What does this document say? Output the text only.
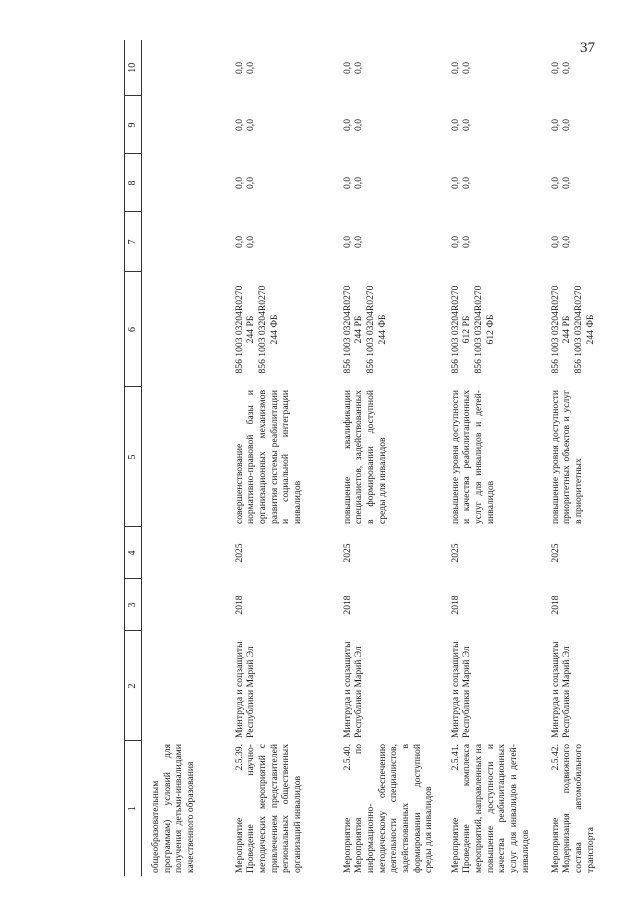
37
1	2	3	4	5	6	7	8	9	10
общеобразовательным программам) условий для получения детьми-инвалидами качественного образования									
Мероприятие 2.5.39. Проведение научно-методических мероприятий с привлечением представителей региональных общественных организаций инвалидов	Минтруда и соцзащиты Республики Марий Эл	2018	2025	совершенствование нормативно-правовой базы и организационных механизмов развития системы реабилитации и социальной интеграции инвалидов	856 1003 03204R0270 244 РБ 856 1003 03204R0270 244 ФБ	0,0 0,0	0,0 0,0	0,0 0,0	0,0 0,0

Мероприятие 2.5.40. Мероприятия по информационно-методическому обеспечению деятельности специалистов, задействованных в формировании доступной среды для инвалидов	Минтруда и соцзащиты Республики Марий Эл	2018	2025	повышение квалификации специалистов, задействованных в формировании доступной среды для инвалидов	856 1003 03204R0270 244 РБ 856 1003 03204R0270 244 ФБ	0,0 0,0	0,0 0,0	0,0 0,0	0,0 0,0

Мероприятие 2.5.41. Проведение комплекса мероприятий, направленных на повышение доступности и качества реабилитационных услуг для инвалидов и детей-инвалидов	Минтруда и соцзащиты Республики Марий Эл	2018	2025	повышение уровня доступности и качества реабилитационных услуг для инвалидов и детей-инвалидов	856 1003 03204R0270 612 РБ 856 1003 03204R0270 612 ФБ	0,0 0,0	0,0 0,0	0,0 0,0	0,0 0,0

Мероприятие 2.5.42. Модернизация подвижного состава автомобильного транспорта	Минтруда и соцзащиты Республики Марий Эл	2018	2025	повышение уровня доступности приоритетных объектов и услуг в приоритетных	856 1003 03204R0270 244 РБ 856 1003 03204R0270 244 ФБ	0,0 0,0	0,0 0,0	0,0 0,0	0,0 0,0
